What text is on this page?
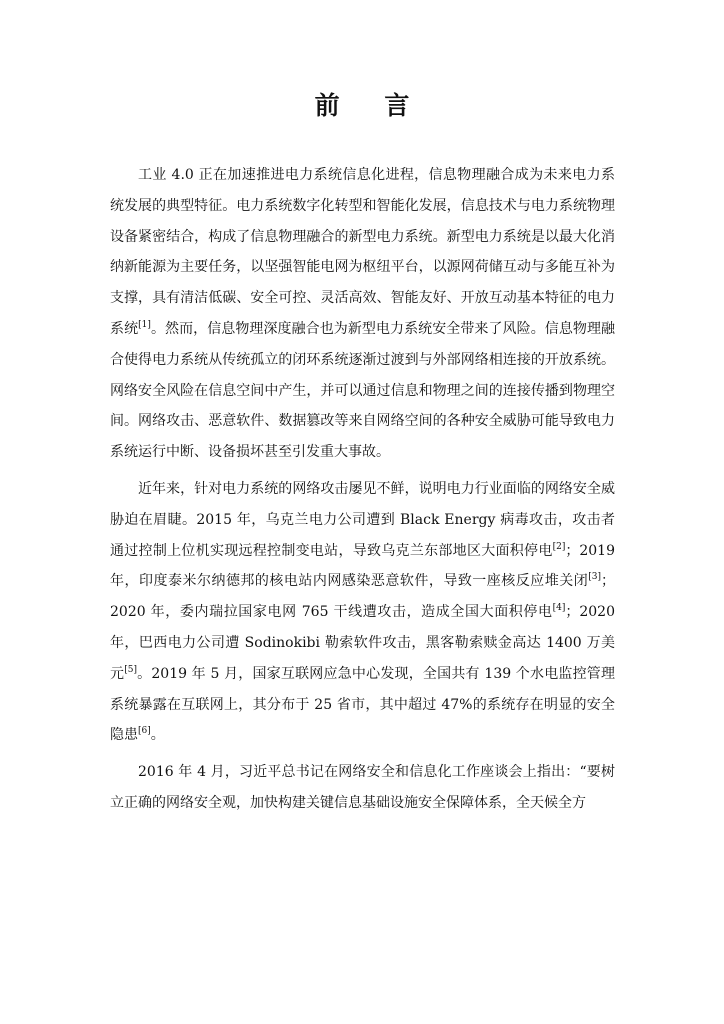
前 言

工业 4.0 正在加速推进电力系统信息化进程，信息物理融合成为未来电力系统发展的典型特征。电力系统数字化转型和智能化发展，信息技术与电力系统物理设备紧密结合，构成了信息物理融合的新型电力系统。新型电力系统是以最大化消纳新能源为主要任务，以坚强智能电网为枢纽平台，以源网荷储互动与多能互补为支撑，具有清洁低碳、安全可控、灵活高效、智能友好、开放互动基本特征的电力系统[1]。然而，信息物理深度融合也为新型电力系统安全带来了风险。信息物理融合使得电力系统从传统孤立的闭环系统逐渐过渡到与外部网络相连接的开放系统。网络安全风险在信息空间中产生，并可以通过信息和物理之间的连接传播到物理空间。网络攻击、恶意软件、数据篡改等来自网络空间的各种安全威胁可能导致电力系统运行中断、设备损坏甚至引发重大事故。

近年来，针对电力系统的网络攻击屡见不鲜，说明电力行业面临的网络安全威胁迫在眉睫。2015 年，乌克兰电力公司遭到 Black Energy 病毒攻击，攻击者通过控制上位机实现远程控制变电站，导致乌克兰东部地区大面积停电[2]；2019 年，印度泰米尔纳德邦的核电站内网感染恶意软件，导致一座核反应堆关闭[3]；2020 年，委内瑞拉国家电网 765 干线遭攻击，造成全国大面积停电[4]；2020 年，巴西电力公司遭 Sodinokibi 勒索软件攻击，黑客勒索赎金高达 1400 万美元[5]。2019 年 5 月，国家互联网应急中心发现，全国共有 139 个水电监控管理系统暴露在互联网上，其分布于 25 省市，其中超过 47%的系统存在明显的安全隐患[6]。

2016 年 4 月，习近平总书记在网络安全和信息化工作座谈会上指出：“要树立正确的网络安全观，加快构建关键信息基础设施安全保障体系，全天候全方
